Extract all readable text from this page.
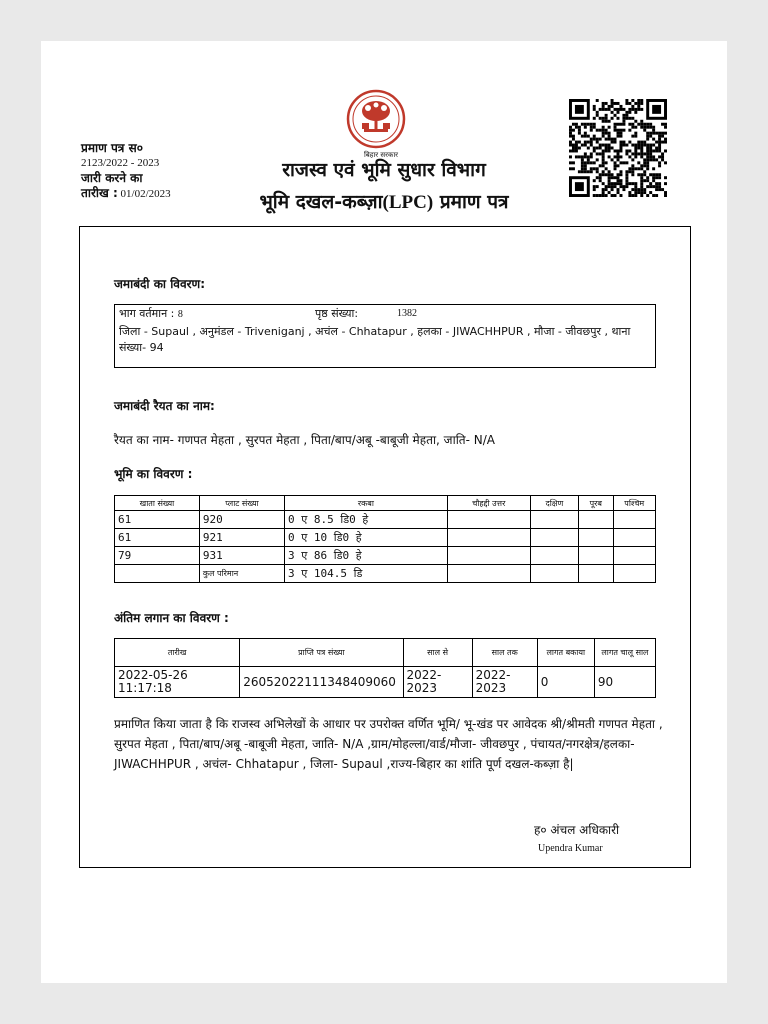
बिहार सरकार
प्रमाण पत्र स०
2123/2022 - 2023
जारी करने का
तारीख : 01/02/2023
राजस्व एवं भूमि सुधार विभाग
भूमि दखल-कब्ज़ा(LPC) प्रमाण पत्र
जमाबंदी का विवरण:
भाग वर्तमान : 8	पृष्ठ संख्या:	1382
जिला - Supaul , अनुमंडल - Triveniganj , अचंल - Chhatapur , हलका - JIWACHHPUR , मौजा - जीवछपुर , थाना संख्या- 94
जमाबंदी रैयत का नाम:
रैयत का नाम- गणपत मेहता , सुरपत मेहता , पिता/बाप/अबू -बाबूजी मेहता, जाति- N/A
भूमि का विवरण :
खाता संख्या	प्लाट संख्या	रकबा	चौहद्दी उत्तर	दक्षिण	पूरब	पश्चिम
61	920	0 ए 8.5 डि0 हे				
61	921	0 ए 10 डि0 हे				
79	931	3 ए 86 डि0 हे				
	कुल परिमान	3 ए 104.5 डि				
अंतिम लगान का विवरण :
तारीख	प्राप्ति पत्र संख्या	साल से	साल तक	लागत बकाया	लागत चालू साल
2022-05-26 11:17:18	26052022111348409060	2022-2023	2022-2023	0	90
प्रमाणित किया जाता है कि राजस्व अभिलेखों के आधार पर उपरोक्त वर्णित भूमि/ भू-खंड पर आवेदक श्री/श्रीमती गणपत मेहता , सुरपत मेहता , पिता/बाप/अबू -बाबूजी मेहता, जाति- N/A ,ग्राम/मोहल्ला/वार्ड/मौजा- जीवछपुर , पंचायत/नगरक्षेत्र/हलका- JIWACHHPUR , अचंल- Chhatapur , जिला- Supaul ,राज्य-बिहार का शांति पूर्ण दखल-कब्ज़ा है|
ह० अंचल अधिकारी
Upendra Kumar
